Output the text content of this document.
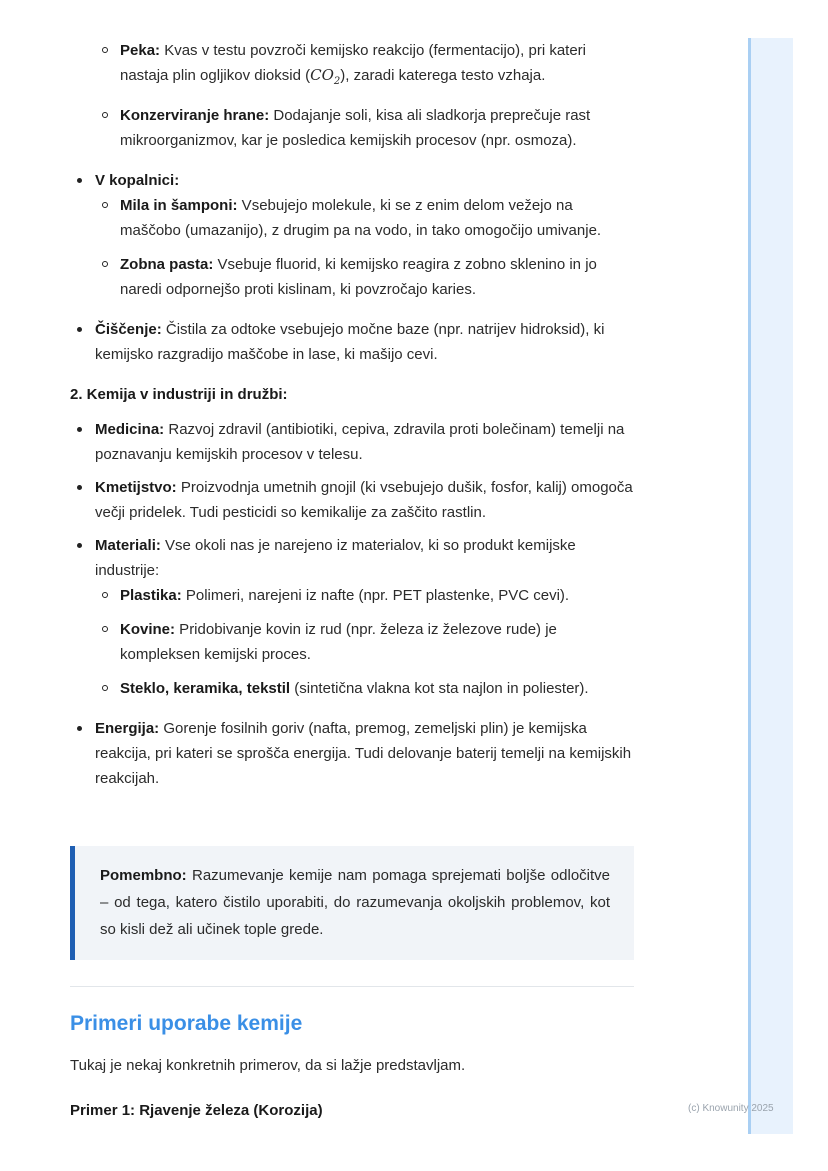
Peka: Kvas v testu povzroči kemijsko reakcijo (fermentacijo), pri kateri nastaja plin ogljikov dioksid $(CO_2)$, zaradi katerega testo vzhaja.
Konzerviranje hrane: Dodajanje soli, kisa ali sladkorja preprečuje rast mikroorganizmov, kar je posledica kemijskih procesov (npr. osmoza).
V kopalnici:
Mila in šamponi: Vsebujejo molekule, ki se z enim delom vežejo na maščobo (umazanijo), z drugim pa na vodo, in tako omogočijo umivanje.
Zobna pasta: Vsebuje fluorid, ki kemijsko reagira z zobno sklenino in jo naredi odpornejšo proti kislinam, ki povzročajo karies.
Čiščenje: Čistila za odtoke vsebujejo močne baze (npr. natrijev hidroksid), ki kemijsko razgradijo maščobe in lase, ki mašijo cevi.
2. Kemija v industriji in družbi:
Medicina: Razvoj zdravil (antibiotiki, cepiva, zdravila proti bolečinam) temelji na poznavanju kemijskih procesov v telesu.
Kmetijstvo: Proizvodnja umetnih gnojil (ki vsebujejo dušik, fosfor, kalij) omogoča večji pridelek. Tudi pesticidi so kemikalije za zaščito rastlin.
Materiali: Vse okoli nas je narejeno iz materialov, ki so produkt kemijske industrije:
Plastika: Polimeri, narejeni iz nafte (npr. PET plastenke, PVC cevi).
Kovine: Pridobivanje kovin iz rud (npr. železa iz železove rude) je kompleksen kemijski proces.
Steklo, keramika, tekstil (sintetična vlakna kot sta najlon in poliester).
Energija: Gorenje fosilnih goriv (nafta, premog, zemeljski plin) je kemijska reakcija, pri kateri se sprošča energija. Tudi delovanje baterij temelji na kemijskih reakcijah.
Pomembno: Razumevanje kemije nam pomaga sprejemati boljše odločitve – od tega, katero čistilo uporabiti, do razumevanja okoljskih problemov, kot so kisli dež ali učinek tople grede.
Primeri uporabe kemije
Tukaj je nekaj konkretnih primerov, da si lažje predstavljam.
Primer 1: Rjavenje železa (Korozija)	(c) Knowunity 2025
